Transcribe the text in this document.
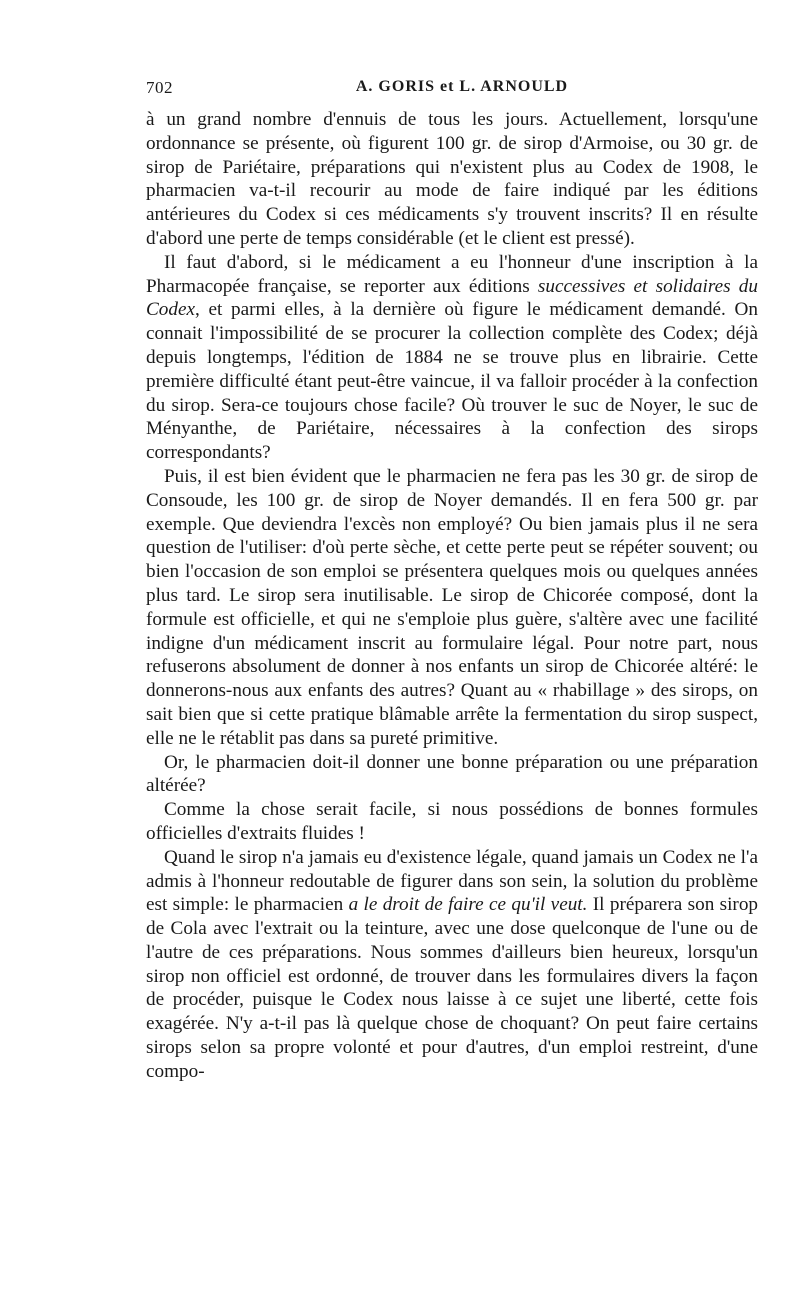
702	A. GORIS et L. ARNOULD

à un grand nombre d'ennuis de tous les jours. Actuellement, lorsqu'une ordonnance se présente, où figurent 100 gr. de sirop d'Armoise, ou 30 gr. de sirop de Pariétaire, préparations qui n'existent plus au Codex de 1908, le pharmacien va-t-il recourir au mode de faire indiqué par les éditions antérieures du Codex si ces médicaments s'y trouvent inscrits? Il en résulte d'abord une perte de temps considérable (et le client est pressé).

Il faut d'abord, si le médicament a eu l'honneur d'une inscription à la Pharmacopée française, se reporter aux éditions successives et solidaires du Codex, et parmi elles, à la dernière où figure le médicament demandé. On connait l'impossibilité de se procurer la collection complète des Codex; déjà depuis longtemps, l'édition de 1884 ne se trouve plus en librairie. Cette première difficulté étant peut-être vaincue, il va falloir procéder à la confection du sirop. Sera-ce toujours chose facile? Où trouver le suc de Noyer, le suc de Ményanthe, de Pariétaire, nécessaires à la confection des sirops correspondants?

Puis, il est bien évident que le pharmacien ne fera pas les 30 gr. de sirop de Consoude, les 100 gr. de sirop de Noyer demandés. Il en fera 500 gr. par exemple. Que deviendra l'excès non employé? Ou bien jamais plus il ne sera question de l'utiliser: d'où perte sèche, et cette perte peut se répéter souvent; ou bien l'occasion de son emploi se présentera quelques mois ou quelques années plus tard. Le sirop sera inutilisable. Le sirop de Chicorée composé, dont la formule est officielle, et qui ne s'emploie plus guère, s'altère avec une facilité indigne d'un médicament inscrit au formulaire légal. Pour notre part, nous refuserons absolument de donner à nos enfants un sirop de Chicorée altéré: le donnerons-nous aux enfants des autres? Quant au « rhabillage » des sirops, on sait bien que si cette pratique blâmable arrête la fermentation du sirop suspect, elle ne le rétablit pas dans sa pureté primitive.

Or, le pharmacien doit-il donner une bonne préparation ou une préparation altérée?

Comme la chose serait facile, si nous possédions de bonnes formules officielles d'extraits fluides !

Quand le sirop n'a jamais eu d'existence légale, quand jamais un Codex ne l'a admis à l'honneur redoutable de figurer dans son sein, la solution du problème est simple: le pharmacien a le droit de faire ce qu'il veut. Il préparera son sirop de Cola avec l'extrait ou la teinture, avec une dose quelconque de l'une ou de l'autre de ces préparations. Nous sommes d'ailleurs bien heureux, lorsqu'un sirop non officiel est ordonné, de trouver dans les formulaires divers la façon de procéder, puisque le Codex nous laisse à ce sujet une liberté, cette fois exagérée. N'y a-t-il pas là quelque chose de choquant? On peut faire certains sirops selon sa propre volonté et pour d'autres, d'un emploi restreint, d'une compo-
